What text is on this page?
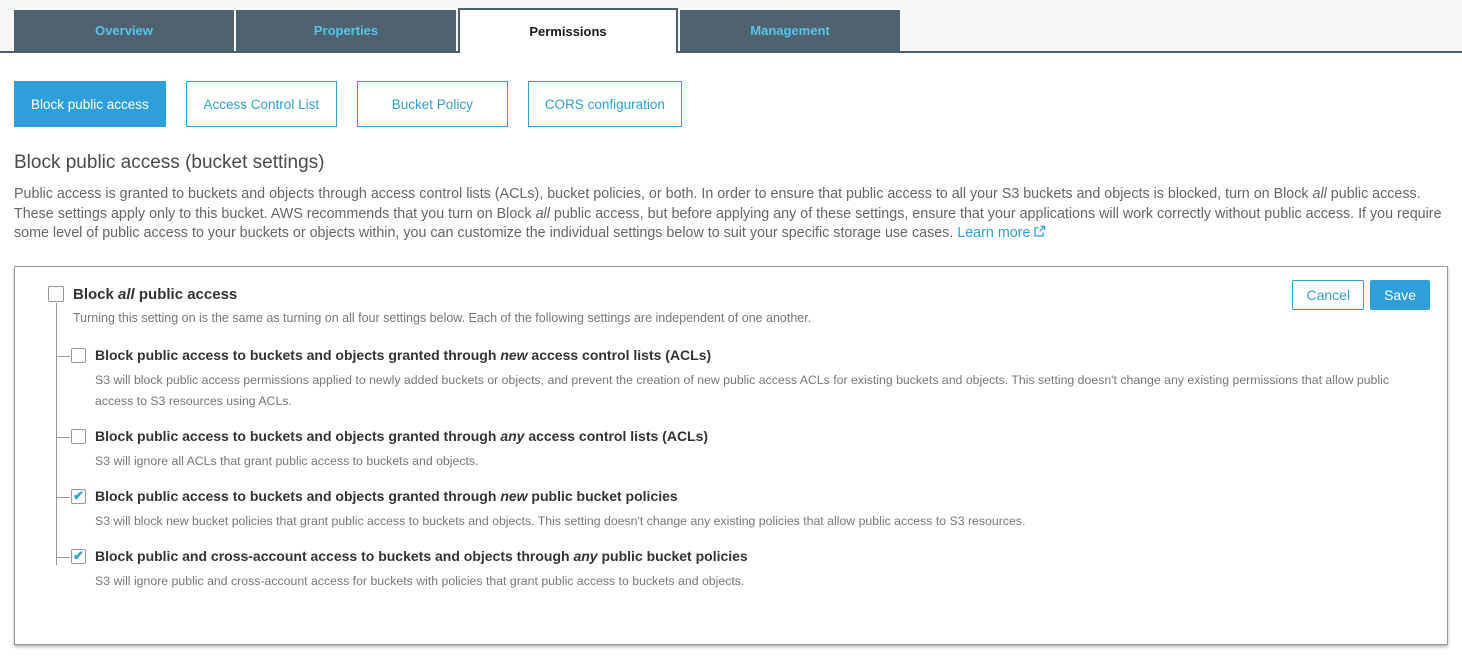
Overview	Properties	Permissions	Management
Block public access	Access Control List	Bucket Policy	CORS configuration
Block public access (bucket settings)
Public access is granted to buckets and objects through access control lists (ACLs), bucket policies, or both. In order to ensure that public access to all your S3 buckets and objects is blocked, turn on Block all public access. These settings apply only to this bucket. AWS recommends that you turn on Block all public access, but before applying any of these settings, ensure that your applications will work correctly without public access. If you require some level of public access to your buckets or objects within, you can customize the individual settings below to suit your specific storage use cases. Learn more
Cancel	Save
Block all public access
Turning this setting on is the same as turning on all four settings below. Each of the following settings are independent of one another.
Block public access to buckets and objects granted through new access control lists (ACLs)
S3 will block public access permissions applied to newly added buckets or objects, and prevent the creation of new public access ACLs for existing buckets and objects. This setting doesn't change any existing permissions that allow public access to S3 resources using ACLs.
Block public access to buckets and objects granted through any access control lists (ACLs)
S3 will ignore all ACLs that grant public access to buckets and objects.
✔
Block public access to buckets and objects granted through new public bucket policies
S3 will block new bucket policies that grant public access to buckets and objects. This setting doesn't change any existing policies that allow public access to S3 resources.
✔
Block public and cross-account access to buckets and objects through any public bucket policies
S3 will ignore public and cross-account access for buckets with policies that grant public access to buckets and objects.
